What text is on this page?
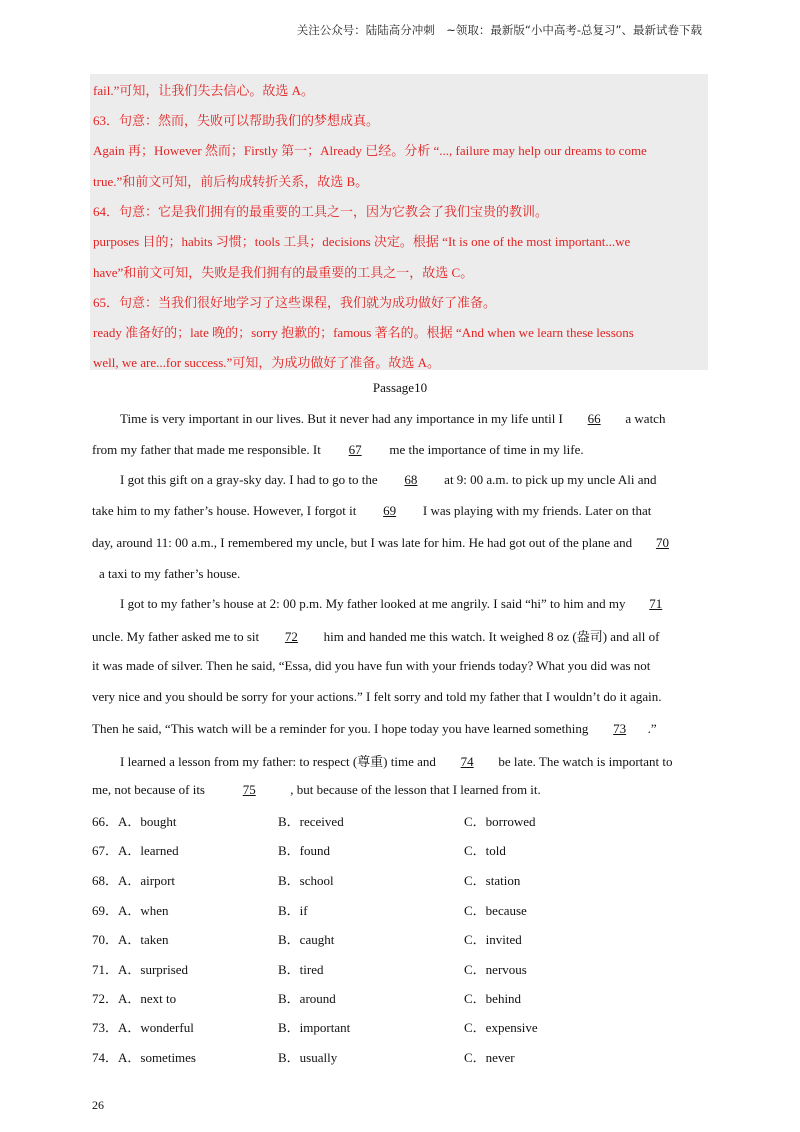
关注公众号：陆陆高分冲刺　~领取：最新版“小中高考-总复习”、最新试卷下载
fail.”可知，让我们失去信心。故选 A。
63．句意：然而，失败可以帮助我们的梦想成真。
Again 再；However 然而；Firstly 第一；Already 已经。分析 “..., failure may help our dreams to come
true.”和前文可知，前后构成转折关系，故选 B。
64．句意：它是我们拥有的最重要的工具之一，因为它教会了我们宝贵的教训。
purposes 目的；habits 习惯；tools 工具；decisions 决定。根据 “It is one of the most important...we
have”和前文可知，失败是我们拥有的最重要的工具之一，故选 C。
65．句意：当我们很好地学习了这些课程，我们就为成功做好了准备。
ready 准备好的；late 晚的；sorry 抱歉的；famous 著名的。根据 “And when we learn these lessons
well, we are...for success.”可知，为成功做好了准备。故选 A。
Passage10
Time is very important in our lives. But it never had any importance in my life until I 66 a watch
from my father that made me responsible. It 67 me the importance of time in my life.
I got this gift on a gray-sky day. I had to go to the 68 at 9: 00 a.m. to pick up my uncle Ali and
take him to my father’s house. However, I forgot it 69 I was playing with my friends. Later on that
day, around 11: 00 a.m., I remembered my uncle, but I was late for him. He had got out of the plane and 70
a taxi to my father’s house.
I got to my father’s house at 2: 00 p.m. My father looked at me angrily. I said “hi” to him and my 71
uncle. My father asked me to sit 72 him and handed me this watch. It weighed 8 oz (盎司) and all of
it was made of silver. Then he said, “Essa, did you have fun with your friends today? What you did was not
very nice and you should be sorry for your actions.” I felt sorry and told my father that I wouldn’t do it again.
Then he said, “This watch will be a reminder for you. I hope today you have learned something 73 .”
I learned a lesson from my father: to respect (尊重) time and 74 be late. The watch is important to
me, not because of its	75	, but because of the lesson that I learned from it.
66．A．bought	B．received	C．borrowed
67．A．learned	B．found	C．told
68．A．airport	B．school	C．station
69．A．when	B．if	C．because
70．A．taken	B．caught	C．invited
71．A．surprised	B．tired	C．nervous
72．A．next to	B．around	C．behind
73．A．wonderful	B．important	C．expensive
74．A．sometimes	B．usually	C．never
26
